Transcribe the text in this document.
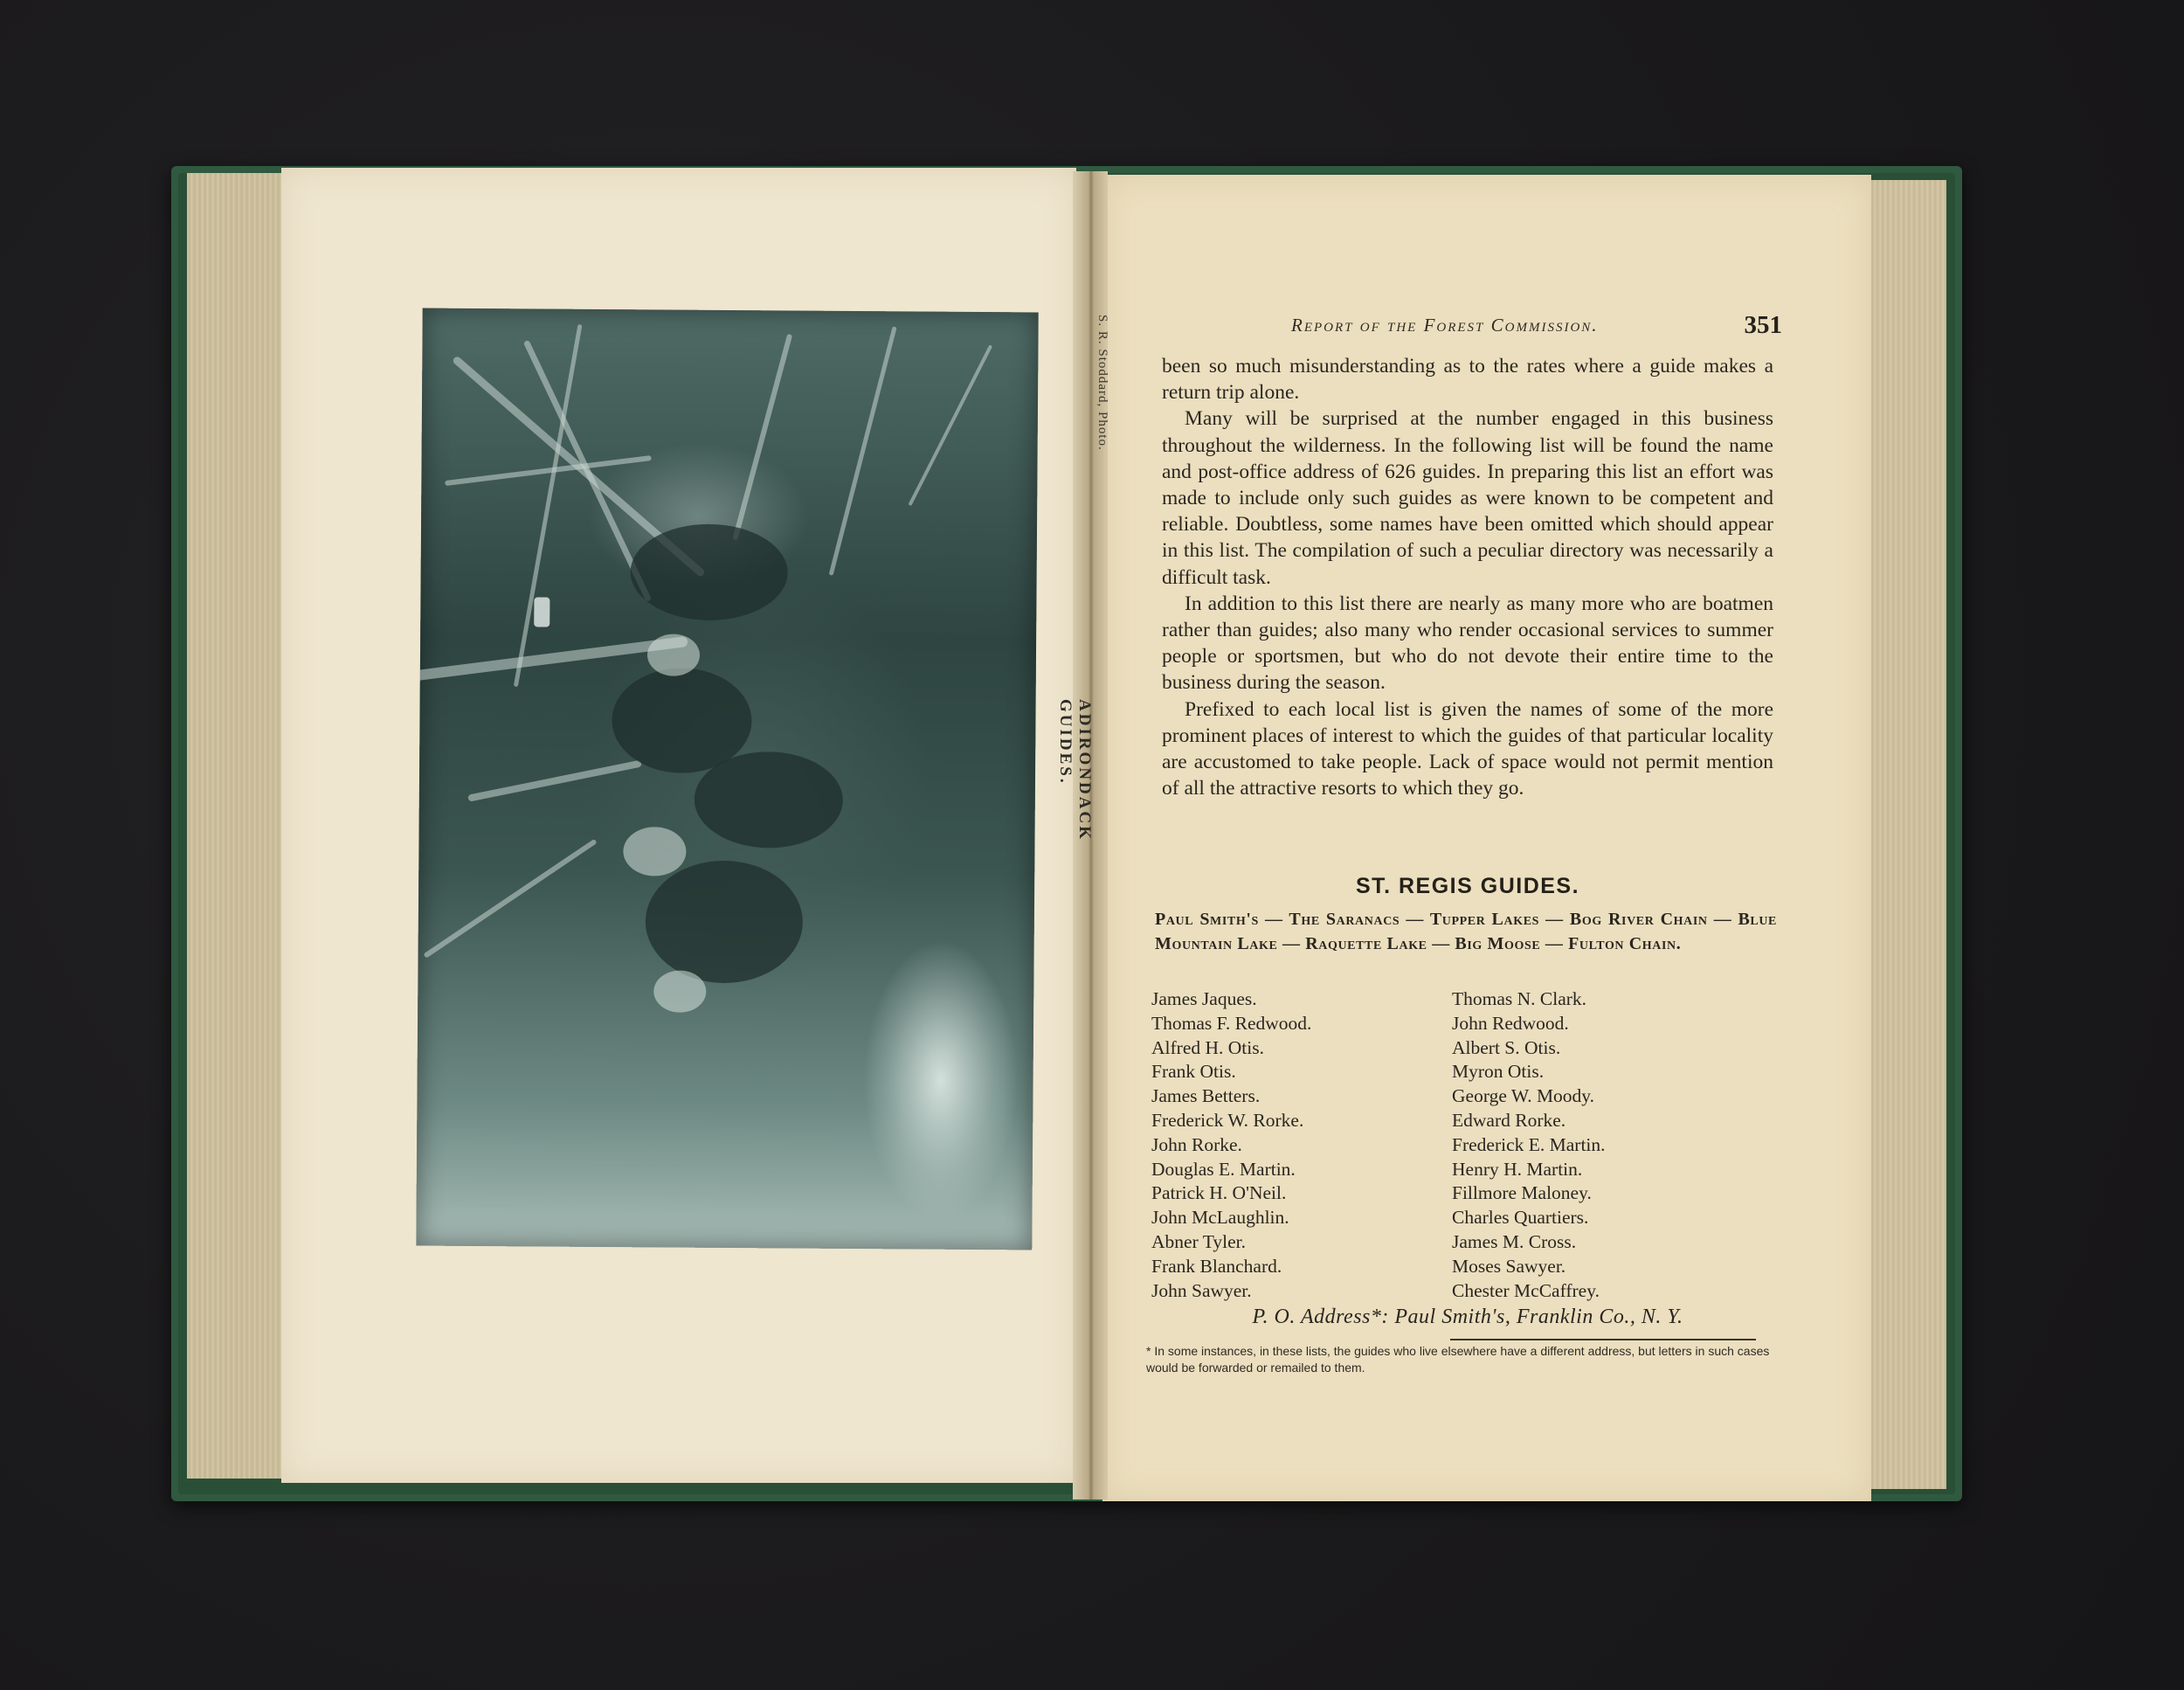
S. R. Stoddard, Photo.
ADIRONDACK GUIDES.
Report of the Forest Commission.	351

been so much misunderstanding as to the rates where a guide makes a return trip alone.

Many will be surprised at the number engaged in this business throughout the wilderness. In the following list will be found the name and post-office address of 626 guides. In preparing this list an effort was made to include only such guides as were known to be competent and reliable. Doubtless, some names have been omitted which should appear in this list. The compilation of such a peculiar directory was necessarily a difficult task.

In addition to this list there are nearly as many more who are boatmen rather than guides; also many who render occasional services to summer people or sportsmen, but who do not devote their entire time to the business during the season.

Prefixed to each local list is given the names of some of the more prominent places of interest to which the guides of that particular locality are accustomed to take people. Lack of space would not permit mention of all the attractive resorts to which they go.

ST. REGIS GUIDES.
Paul Smith's — The Saranacs — Tupper Lakes — Bog River Chain — Blue Mountain Lake — Raquette Lake — Big Moose — Fulton Chain.
James Jaques.
Thomas F. Redwood.
Alfred H. Otis.
Frank Otis.
James Betters.
Frederick W. Rorke.
John Rorke.
Douglas E. Martin.
Patrick H. O'Neil.
John McLaughlin.
Abner Tyler.
Frank Blanchard.
John Sawyer.
Thomas N. Clark.
John Redwood.
Albert S. Otis.
Myron Otis.
George W. Moody.
Edward Rorke.
Frederick E. Martin.
Henry H. Martin.
Fillmore Maloney.
Charles Quartiers.
James M. Cross.
Moses Sawyer.
Chester McCaffrey.
P. O. Address*: Paul Smith's, Franklin Co., N. Y.
* In some instances, in these lists, the guides who live elsewhere have a different address, but letters in such cases would be forwarded or remailed to them.
